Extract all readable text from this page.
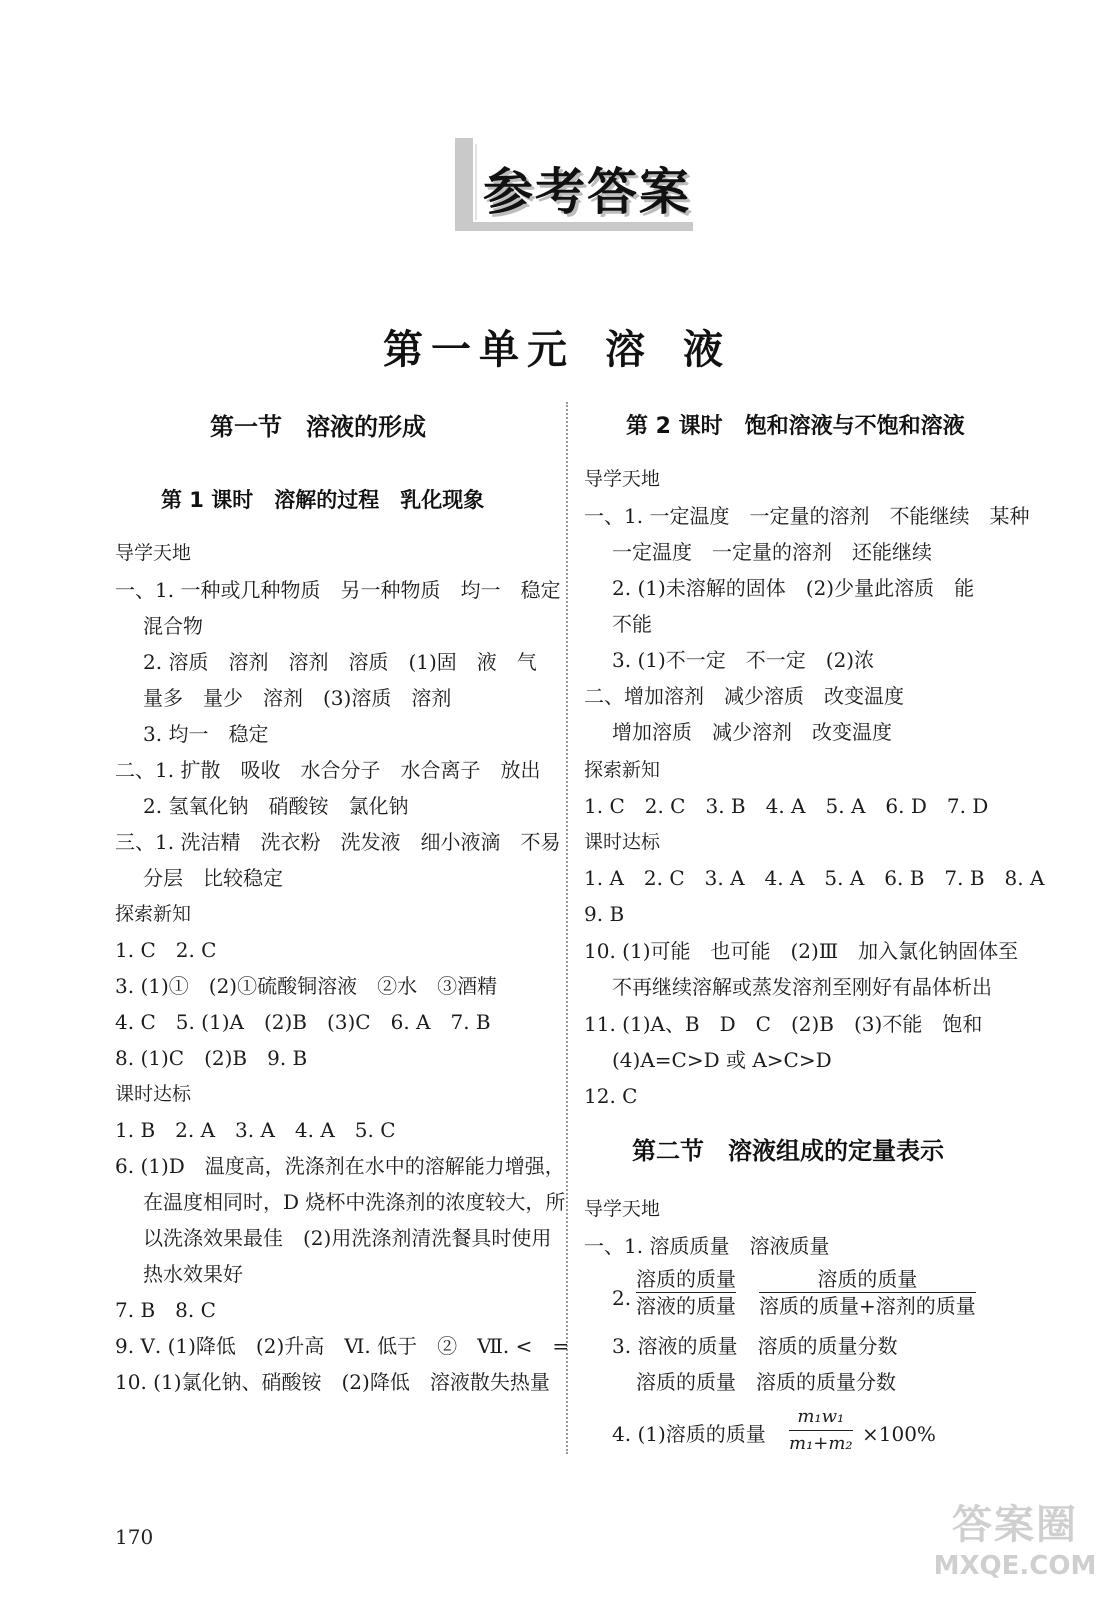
参考答案
第一单元 溶 液
第一节　溶液的形成
第 1 课时　溶解的过程　乳化现象
导学天地
一、1. 一种或几种物质　另一种物质　均一　稳定
混合物
2. 溶质　溶剂　溶剂　溶质　(1)固　液　气
量多　量少　溶剂　(3)溶质　溶剂
3. 均一　稳定
二、1. 扩散　吸收　水合分子　水合离子　放出
2. 氢氧化钠　硝酸铵　氯化钠
三、1. 洗洁精　洗衣粉　洗发液　细小液滴　不易
分层　比较稳定
探索新知
1. C　2. C
3. (1)①　(2)①硫酸铜溶液　②水　③酒精
4. C　5. (1)A　(2)B　(3)C　6. A　7. B
8. (1)C　(2)B　9. B
课时达标
1. B　2. A　3. A　4. A　5. C
6. (1)D　温度高，洗涤剂在水中的溶解能力增强，
在温度相同时，D 烧杯中洗涤剂的浓度较大，所
以洗涤效果最佳　(2)用洗涤剂清洗餐具时使用
热水效果好
7. B　8. C
9. Ⅴ. (1)降低　(2)升高　Ⅵ. 低于　②　Ⅶ. <　=
10. (1)氯化钠、硝酸铵　(2)降低　溶液散失热量
第 2 课时　饱和溶液与不饱和溶液
导学天地
一、1. 一定温度　一定量的溶剂　不能继续　某种
一定温度　一定量的溶剂　还能继续
2. (1)未溶解的固体　(2)少量此溶质　能
不能
3. (1)不一定　不一定　(2)浓
二、增加溶剂　减少溶质　改变温度
增加溶质　减少溶剂　改变温度
探索新知
1. C　2. C　3. B　4. A　5. A　6. D　7. D
课时达标
1. A　2. C　3. A　4. A　5. A　6. B　7. B　8. A
9. B
10. (1)可能　也可能　(2)Ⅲ　加入氯化钠固体至
不再继续溶解或蒸发溶剂至刚好有晶体析出
11. (1)A、B　D　C　(2)B　(3)不能　饱和
(4)A=C>D 或 A>C>D
12. C
第二节　溶液组成的定量表示
导学天地
一、1. 溶质质量　溶液质量
2.
溶质的质量
溶液的质量
溶质的质量
溶质的质量+溶剂的质量
3. 溶液的质量　溶质的质量分数
溶质的质量　溶质的质量分数
4. (1)溶质的质量 $\frac{\text{m₁w₁}}{\text{m₁+m₂}} \times 100\%$
170	答案圈
MXQE.COM
